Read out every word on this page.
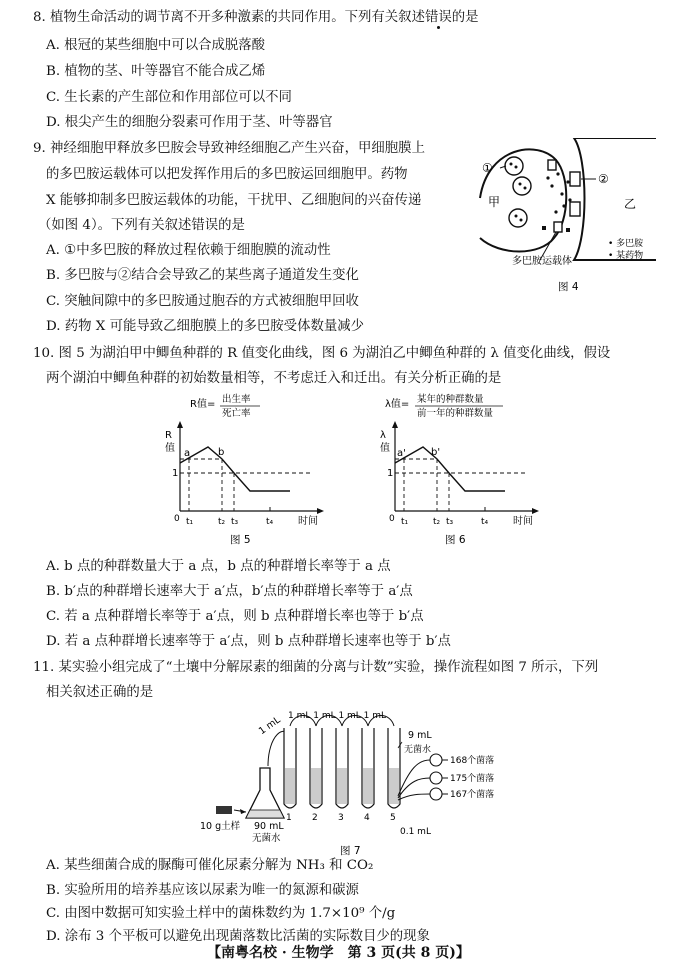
8. 植物生命活动的调节离不开多种激素的共同作用。下列有关叙述错误的是
A. 根冠的某些细胞中可以合成脱落酸
B. 植物的茎、叶等器官不能合成乙烯
C. 生长素的产生部位和作用部位可以不同
D. 根尖产生的细胞分裂素可作用于茎、叶等器官
9. 神经细胞甲释放多巴胺会导致神经细胞乙产生兴奋，甲细胞膜上
的多巴胺运载体可以把发挥作用后的多巴胺运回细胞甲。药物
X 能够抑制多巴胺运载体的功能，干扰甲、乙细胞间的兴奋传递
（如图 4）。下列有关叙述错误的是
A. ①中多巴胺的释放过程依赖于细胞膜的流动性
B. 多巴胺与②结合会导致乙的某些离子通道发生变化
C. 突触间隙中的多巴胺通过胞吞的方式被细胞甲回收
D. 药物 X 可能导致乙细胞膜上的多巴胺受体数量减少
①
②
甲	乙
多巴胺运载体
• 多巴胺
• 某药物
图 4
10. 图 5 为湖泊甲中鲫鱼种群的 R 值变化曲线，图 6 为湖泊乙中鲫鱼种群的 λ 值变化曲线，假设
两个湖泊中鲫鱼种群的初始数量相等，不考虑迁入和迁出。有关分析正确的是
R值= 出生率
死亡率
R
值
1
0
a	b
t₁	t₂ t₃	t₄ 时间
图 5
λ值= 某年的种群数量
前一年的种群数量
λ
值
1
0
a'	b'
t₁	t₂ t₃	t₄ 时间
图 6
A. b 点的种群数量大于 a 点，b 点的种群增长率等于 a 点
B. b′点的种群增长速率大于 a′点，b′点的种群增长率等于 a′点
C. 若 a 点种群增长率等于 a′点，则 b 点种群增长率也等于 b′点
D. 若 a 点种群增长速率等于 a′点，则 b 点种群增长速率也等于 b′点
11. 某实验小组完成了“土壤中分解尿素的细菌的分离与计数”实验，操作流程如图 7 所示，下列
相关叙述正确的是
10 g土样 90 mL
无菌水
1 mL 1 mL 1 mL 1 mL 1 mL
1 2 3 4 5
9 mL
无菌水
0.1 mL
168个菌落
175个菌落
167个菌落
图 7
A. 某些细菌合成的脲酶可催化尿素分解为 NH₃ 和 CO₂
B. 实验所用的培养基应该以尿素为唯一的氮源和碳源
C. 由图中数据可知实验土样中的菌株数约为 1.7×10⁹ 个/g
D. 涂布 3 个平板可以避免出现菌落数比活菌的实际数目少的现象
【南粤名校 · 生物学　第 3 页(共 8 页)】
